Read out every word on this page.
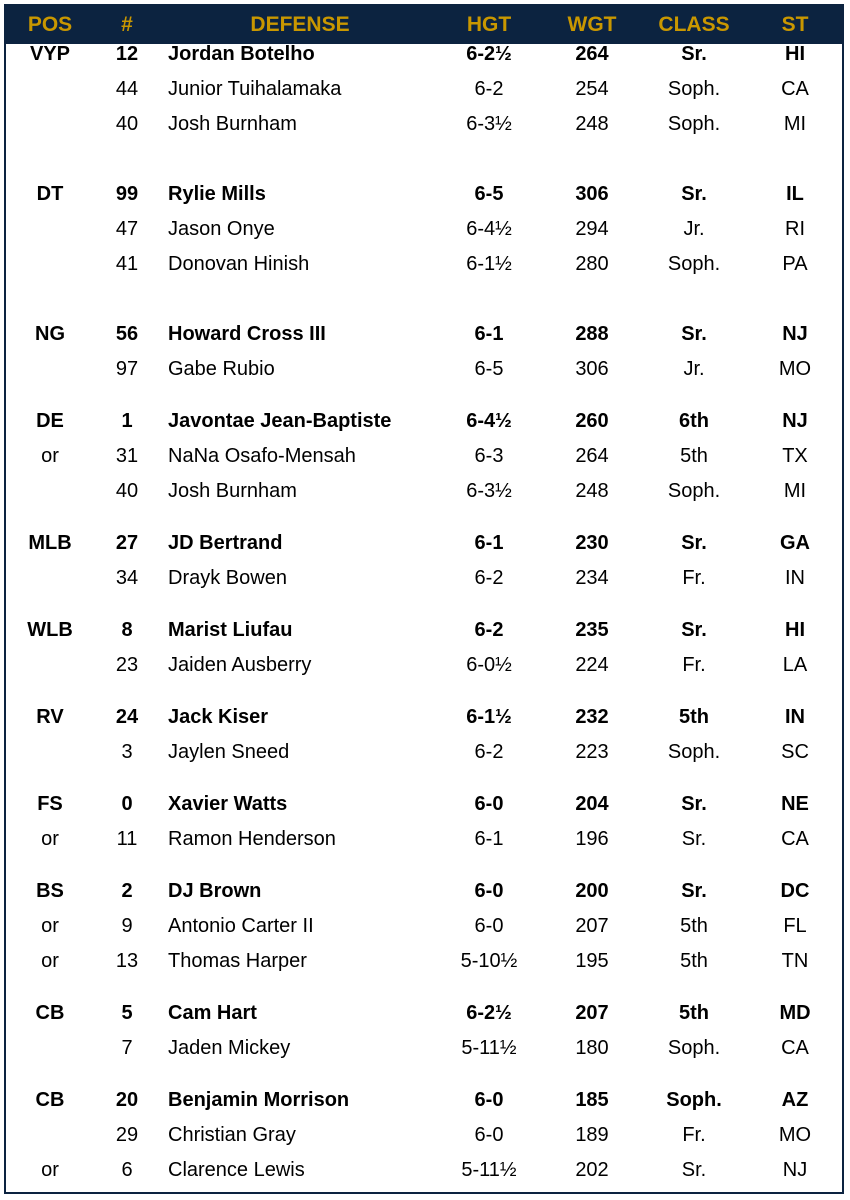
POS #	DEFENSE	HGT	WGT CLASS ST
VYP 12 Jordan Botelho	6-2½	264	Sr.	HI
44 Junior Tuihalamaka	6-2	254	Soph.	CA
40 Josh Burnham	6-3½	248	Soph.	MI
DT	99 Rylie Mills	6-5	306	Sr.	IL
47 Jason Onye	6-4½	294	Jr.	RI
41 Donovan Hinish	6-1½	280	Soph.	PA
NG	56 Howard Cross III	6-1	288	Sr.	NJ
97 Gabe Rubio	6-5	306	Jr.	MO
DE	1 Javontae Jean-Baptiste	6-4½	260	6th	NJ
or	31 NaNa Osafo-Mensah	6-3	264	5th	TX
40 Josh Burnham	6-3½	248	Soph.	MI
MLB 27 JD Bertrand	6-1	230	Sr.	GA
34 Drayk Bowen	6-2	234	Fr.	IN
WLB 8 Marist Liufau	6-2	235	Sr.	HI
23 Jaiden Ausberry	6-0½	224	Fr.	LA
RV	24 Jack Kiser	6-1½	232	5th	IN
3 Jaylen Sneed	6-2	223	Soph.	SC
FS	0 Xavier Watts	6-0	204	Sr.	NE
or	11 Ramon Henderson	6-1	196	Sr.	CA
BS	2 DJ Brown	6-0	200	Sr.	DC
or	9 Antonio Carter II	6-0	207	5th	FL
or	13 Thomas Harper	5-10½	195	5th	TN
CB	5 Cam Hart	6-2½	207	5th	MD
7 Jaden Mickey	5-11½	180	Soph.	CA
CB	20 Benjamin Morrison	6-0	185	Soph.	AZ
29 Christian Gray	6-0	189	Fr.	MO
or	6 Clarence Lewis	5-11½	202	Sr.	NJ
